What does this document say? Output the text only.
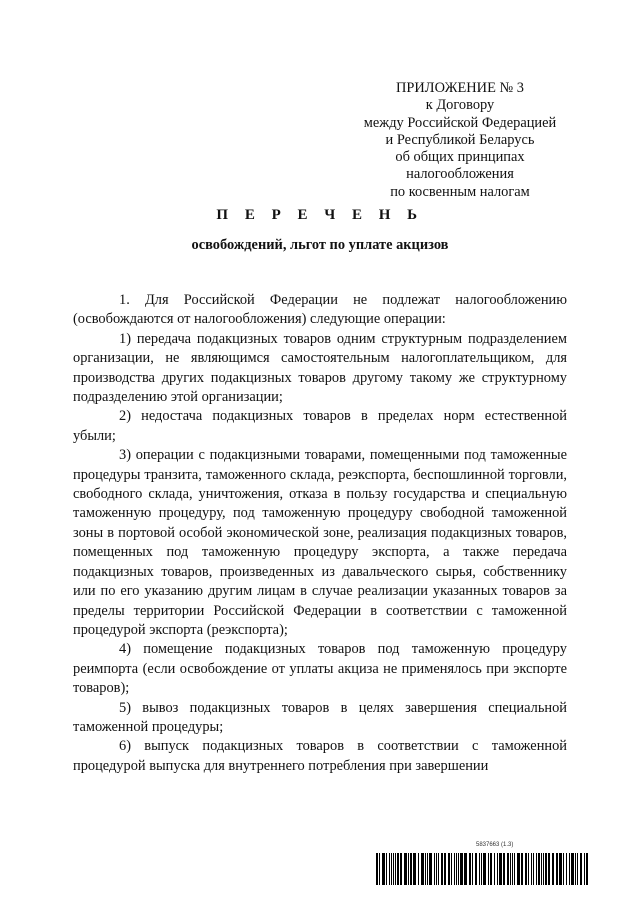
ПРИЛОЖЕНИЕ № 3
к Договору
между Российской Федерацией
и Республикой Беларусь
об общих принципах
налогообложения
по косвенным налогам
П Е Р Е Ч Е Н Ь
освобождений, льгот по уплате акцизов

1. Для Российской Федерации не подлежат налогообложению (освобождаются от налогообложения) следующие операции:

1) передача подакцизных товаров одним структурным подразделением организации, не являющимся самостоятельным налогоплательщиком, для производства других подакцизных товаров другому такому же структурному подразделению этой организации;

2) недостача подакцизных товаров в пределах норм естественной убыли;

3) операции с подакцизными товарами, помещенными под таможенные процедуры транзита, таможенного склада, реэкспорта, беспошлинной торговли, свободного склада, уничтожения, отказа в пользу государства и специальную таможенную процедуру, под таможенную процедуру свободной таможенной зоны в портовой особой экономической зоне, реализация подакцизных товаров, помещенных под таможенную процедуру экспорта, а также передача подакцизных товаров, произведенных из давальческого сырья, собственнику или по его указанию другим лицам в случае реализации указанных товаров за пределы территории Российской Федерации в соответствии с таможенной процедурой экспорта (реэкспорта);

4) помещение подакцизных товаров под таможенную процедуру реимпорта (если освобождение от уплаты акциза не применялось при экспорте товаров);

5) вывоз подакцизных товаров в целях завершения специальной таможенной процедуры;

6) выпуск подакцизных товаров в соответствии с таможенной процедурой выпуска для внутреннего потребления при завершении

5837663 (1.3)
